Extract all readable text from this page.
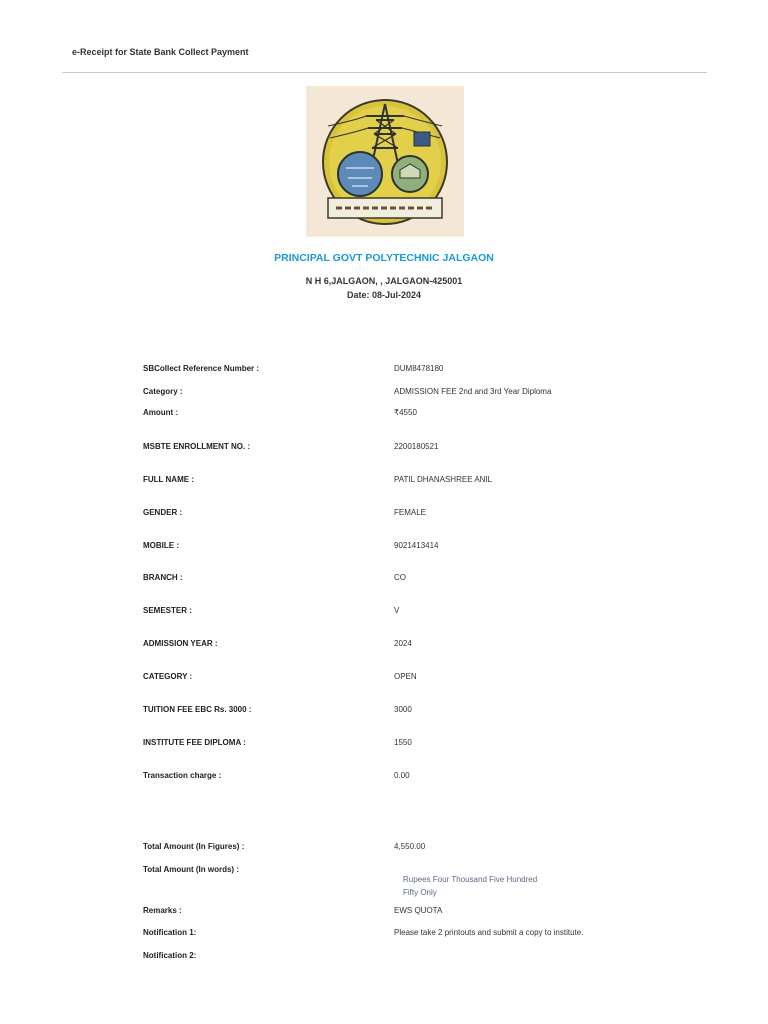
e-Receipt for State Bank Collect Payment
PRINCIPAL GOVT POLYTECHNIC JALGAON
N H 6,JALGAON, , JALGAON-425001
Date: 08-Jul-2024
SBCollect Reference Number :	DUM8478180
Category :	ADMISSION FEE 2nd and 3rd Year Diploma
Amount :	₹4550
MSBTE ENROLLMENT NO. :	2200180521
FULL NAME :	PATIL DHANASHREE ANIL
GENDER :	FEMALE
MOBILE :	9021413414
BRANCH :	CO
SEMESTER :	V
ADMISSION YEAR :	2024
CATEGORY :	OPEN
TUITION FEE EBC Rs. 3000 :	3000
INSTITUTE FEE DIPLOMA :	1550
Transaction charge :	0.00
Total Amount (In Figures) :	4,550.00
Total Amount (In words) :
Rupees Four Thousand Five Hundred
Fifty Only
Remarks :	EWS QUOTA
Notification 1:	Please take 2 printouts and submit a copy to institute.
Notification 2:
